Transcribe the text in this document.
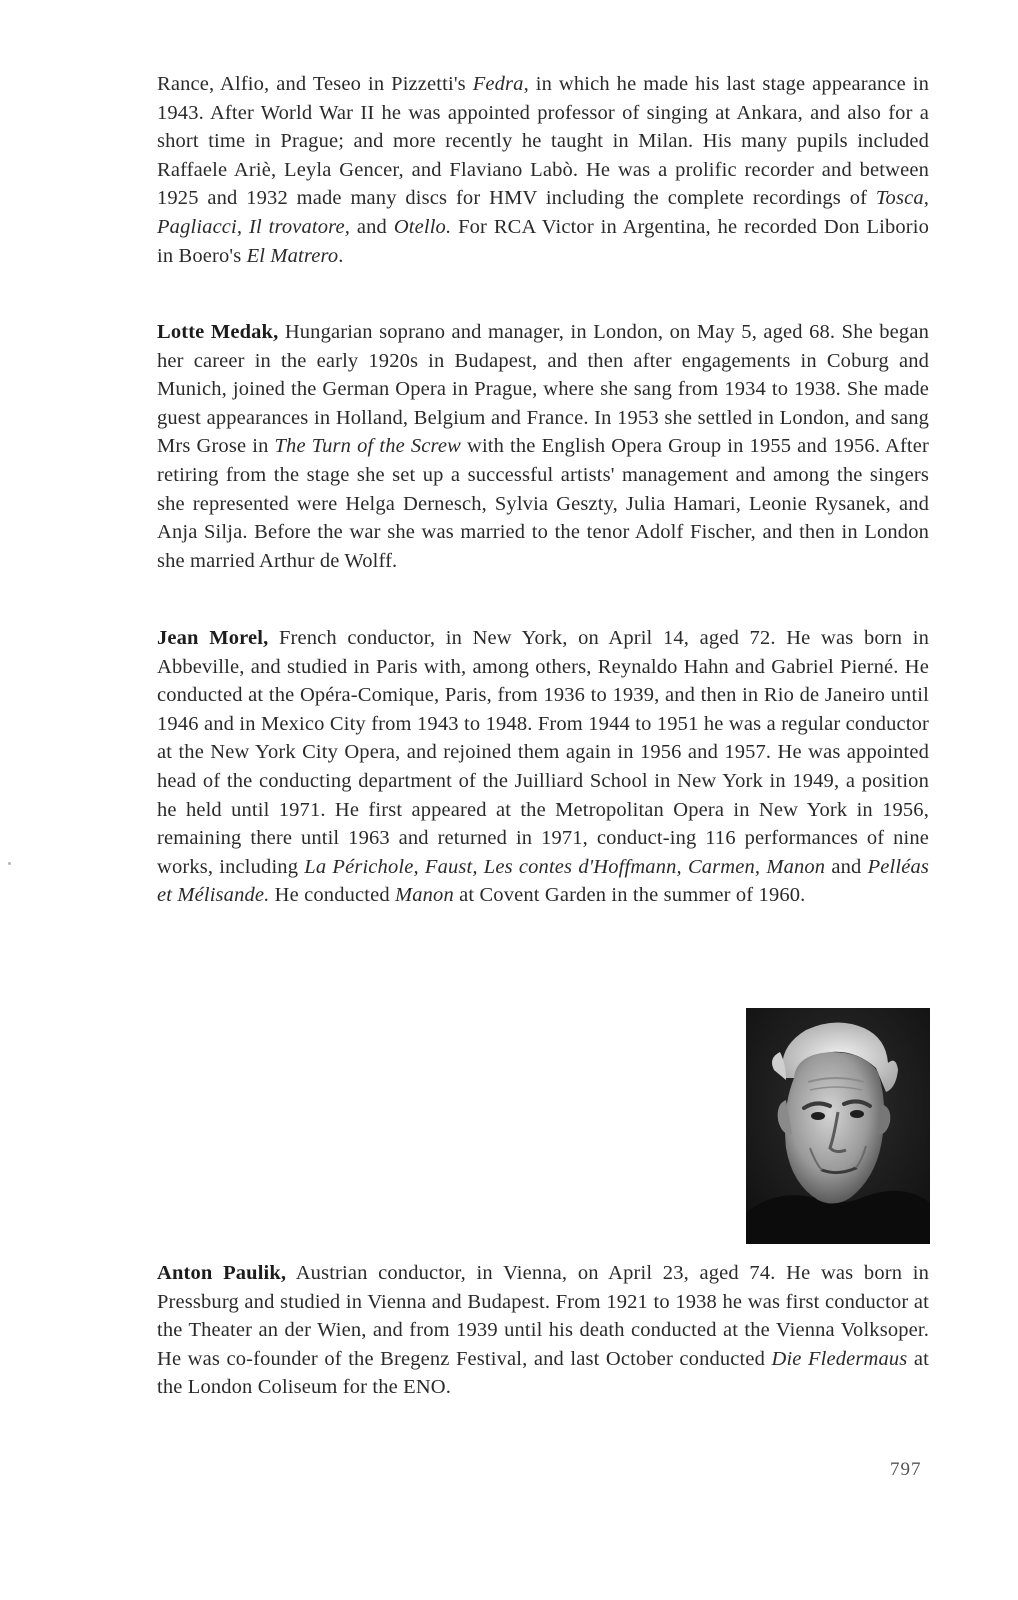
Rance, Alfio, and Teseo in Pizzetti's Fedra, in which he made his last stage appearance in 1943. After World War II he was appointed professor of singing at Ankara, and also for a short time in Prague; and more recently he taught in Milan. His many pupils included Raffaele Ariè, Leyla Gencer, and Flaviano Labò. He was a prolific recorder and between 1925 and 1932 made many discs for HMV including the complete recordings of Tosca, Pagliacci, Il trovatore, and Otello. For RCA Victor in Argentina, he recorded Don Liborio in Boero's El Matrero.

Lotte Medak, Hungarian soprano and manager, in London, on May 5, aged 68. She began her career in the early 1920s in Budapest, and then after engagements in Coburg and Munich, joined the German Opera in Prague, where she sang from 1934 to 1938. She made guest appearances in Holland, Belgium and France. In 1953 she settled in London, and sang Mrs Grose in The Turn of the Screw with the English Opera Group in 1955 and 1956. After retiring from the stage she set up a successful artists' management and among the singers she represented were Helga Dernesch, Sylvia Geszty, Julia Hamari, Leonie Rysanek, and Anja Silja. Before the war she was married to the tenor Adolf Fischer, and then in London she married Arthur de Wolff.

Jean Morel, French conductor, in New York, on April 14, aged 72. He was born in Abbeville, and studied in Paris with, among others, Reynaldo Hahn and Gabriel Pierné. He conducted at the Opéra-Comique, Paris, from 1936 to 1939, and then in Rio de Janeiro until 1946 and in Mexico City from 1943 to 1948. From 1944 to 1951 he was a regular conductor at the New York City Opera, and rejoined them again in 1956 and 1957. He was appointed head of the conducting department of the Juilliard School in New York in 1949, a position he held until 1971. He first appeared at the Metropolitan Opera in New York in 1956, remaining there until 1963 and returned in 1971, conduct-ing 116 performances of nine works, including La Périchole, Faust, Les contes d'Hoffmann, Carmen, Manon and Pelléas et Mélisande. He conducted Manon at Covent Garden in the summer of 1960.

Anton Paulik, Austrian conductor, in Vienna, on April 23, aged 74. He was born in Pressburg and studied in Vienna and Budapest. From 1921 to 1938 he was first conductor at the Theater an der Wien, and from 1939 until his death conducted at the Vienna Volksoper. He was co-founder of the Bregenz Festival, and last October conducted Die Fledermaus at the London Coliseum for the ENO.

797
